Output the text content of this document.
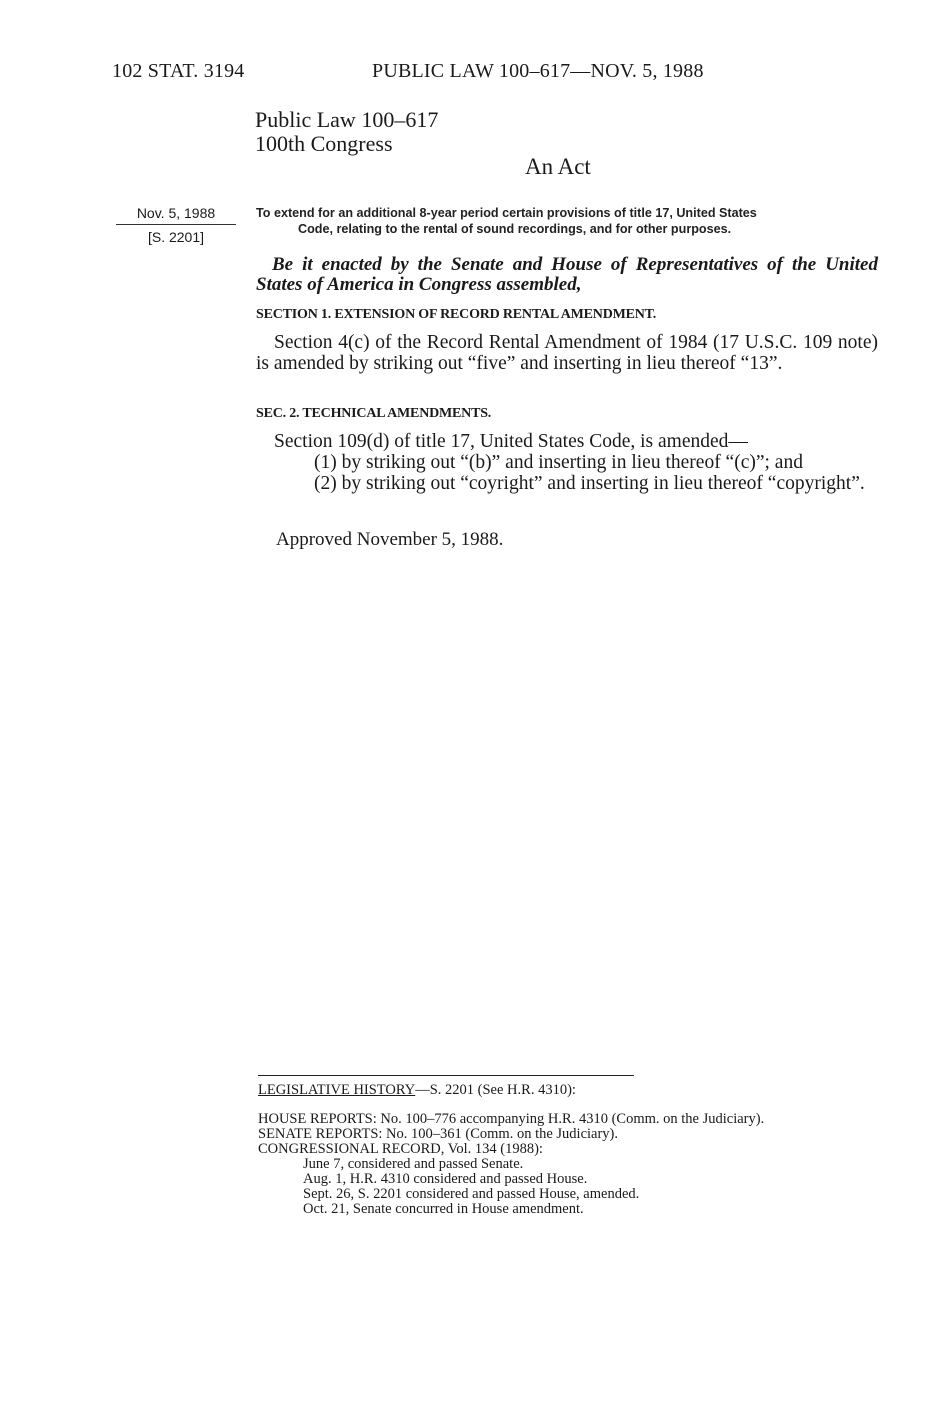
102 STAT. 3194	PUBLIC LAW 100–617—NOV. 5, 1988
Public Law 100–617
100th Congress
An Act
Nov. 5, 1988
[S. 2201]
To extend for an additional 8-year period certain provisions of title 17, United States
Code, relating to the rental of sound recordings, and for other purposes.
Be it enacted by the Senate and House of Representatives of the United States of America in Congress assembled,
SECTION 1. EXTENSION OF RECORD RENTAL AMENDMENT.
Section 4(c) of the Record Rental Amendment of 1984 (17 U.S.C. 109 note) is amended by striking out “five” and inserting in lieu thereof “13”.
SEC. 2. TECHNICAL AMENDMENTS.
Section 109(d) of title 17, United States Code, is amended—
(1) by striking out “(b)” and inserting in lieu thereof “(c)”; and
(2) by striking out “coyright” and inserting in lieu thereof “copyright”.
Approved November 5, 1988.
LEGISLATIVE HISTORY—S. 2201 (See H.R. 4310):
HOUSE REPORTS: No. 100–776 accompanying H.R. 4310 (Comm. on the Judiciary).
SENATE REPORTS: No. 100–361 (Comm. on the Judiciary).
CONGRESSIONAL RECORD, Vol. 134 (1988):
June 7, considered and passed Senate.
Aug. 1, H.R. 4310 considered and passed House.
Sept. 26, S. 2201 considered and passed House, amended.
Oct. 21, Senate concurred in House amendment.
